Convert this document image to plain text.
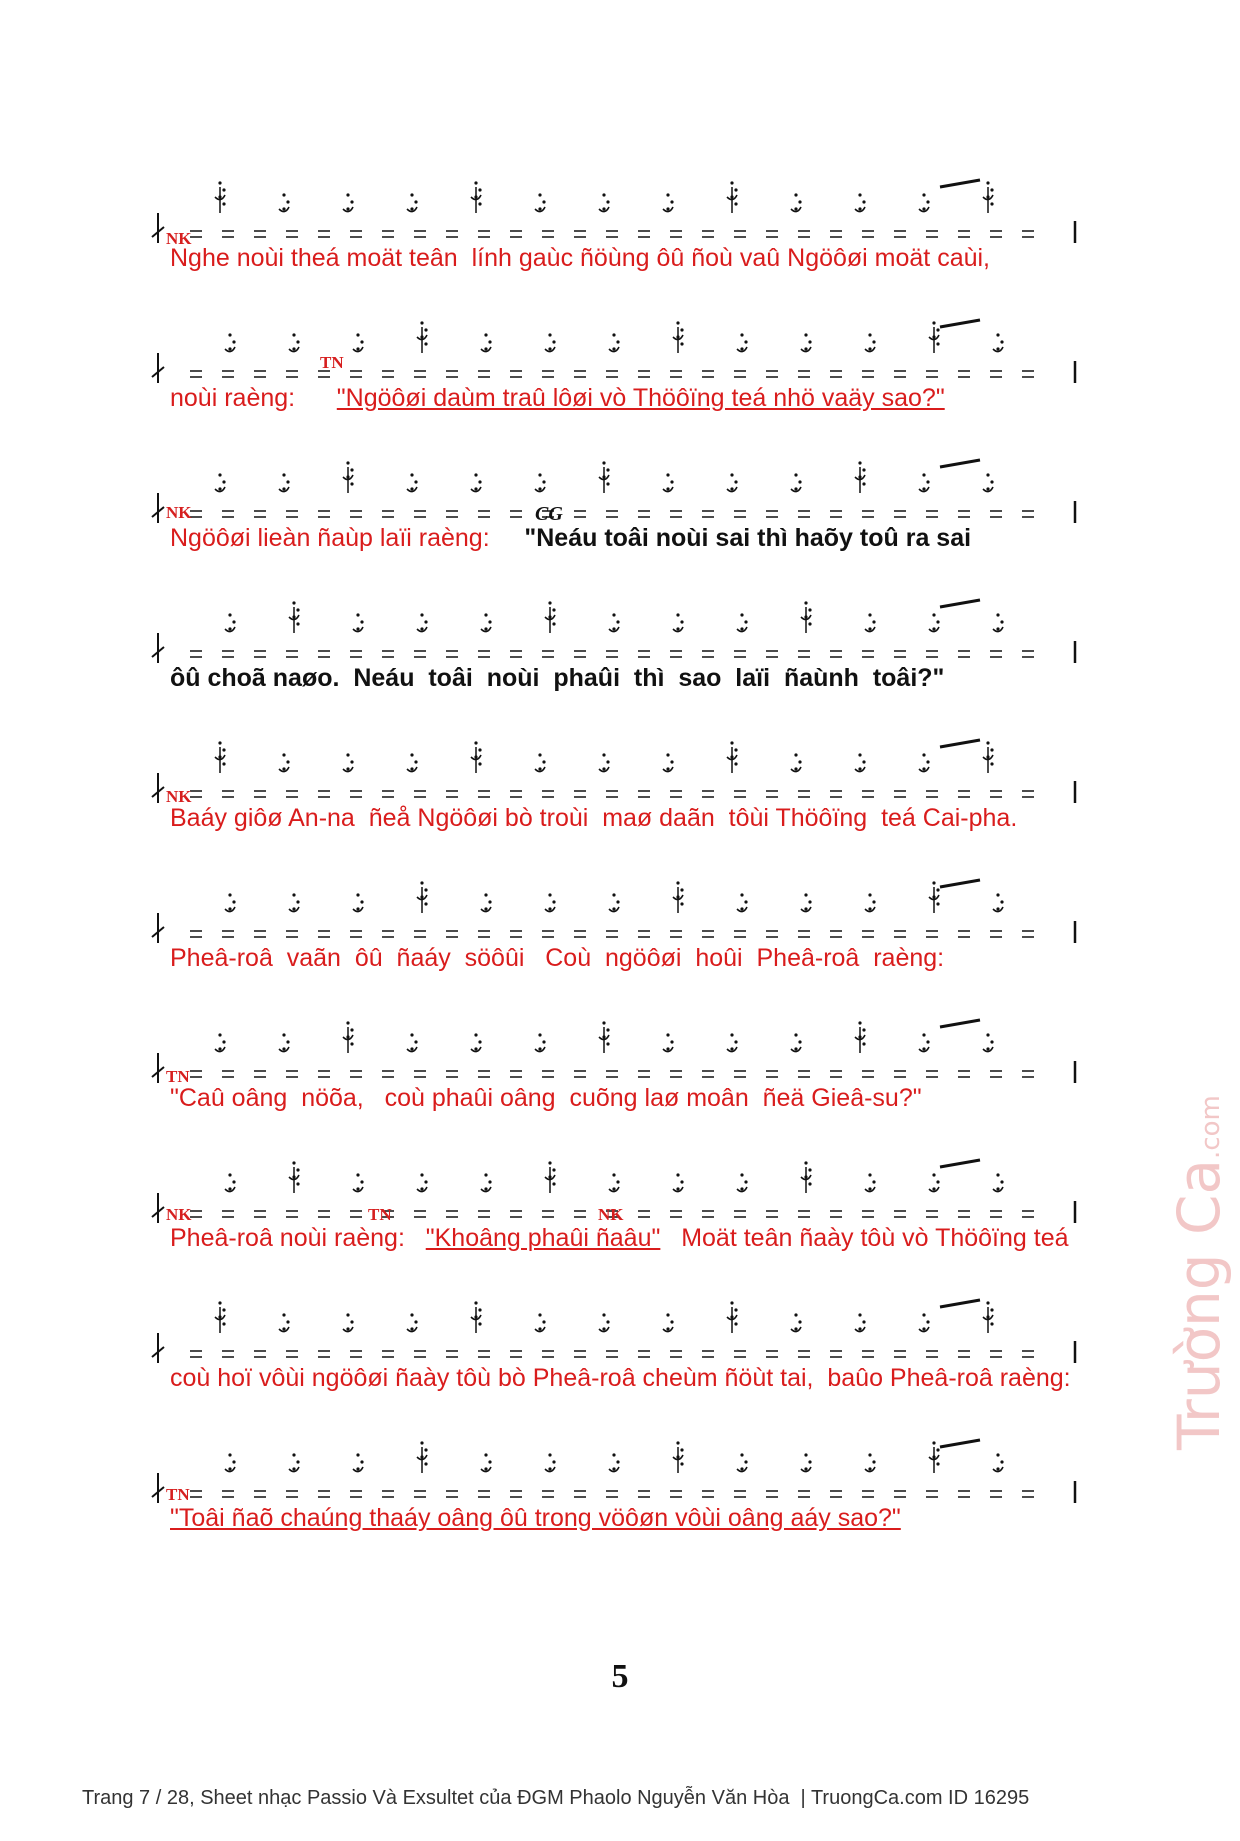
NK
Nghe noùi theá moät teân  lính gaùc ñöùng ôû ñoù vaû Ngöôøi moät caùi,
TN
noùi raèng:      "Ngöôøi daùm traû lôøi vò Thöôïng teá nhö vaäy sao?"
NK	CG
Ngöôøi lieàn ñaùp laïi raèng:     "Neáu toâi noùi sai thì haõy toû ra sai
ôû choã naøo.  Neáu  toâi  noùi  phaûi  thì  sao  laïi  ñaùnh  toâi?"
NK
Baáy giôø An-na  ñeå Ngöôøi bò troùi  maø daãn  tôùi Thöôïng  teá Cai-pha.
Pheâ-roâ  vaãn  ôû  ñaáy  söôûi   Coù  ngöôøi  hoûi  Pheâ-roâ  raèng:
TN
"Caû oâng  nöõa,   coù phaûi oâng  cuõng laø moân  ñeä Gieâ-su?"
NK	TN	NK
Pheâ-roâ noùi raèng:   "Khoâng phaûi ñaâu"   Moät teân ñaày tôù vò Thöôïng teá
coù hoï vôùi ngöôøi ñaày tôù bò Pheâ-roâ cheùm ñöùt tai,  baûo Pheâ-roâ raèng:
TN
"Toâi ñaõ chaúng thaáy oâng ôû trong vöôøn vôùi oâng aáy sao?"
5
Trang 7 / 28, Sheet nhạc Passio Và Exsultet của ĐGM Phaolo Nguyễn Văn Hòa  | TruongCa.com ID 16295
Trường Ca.com
